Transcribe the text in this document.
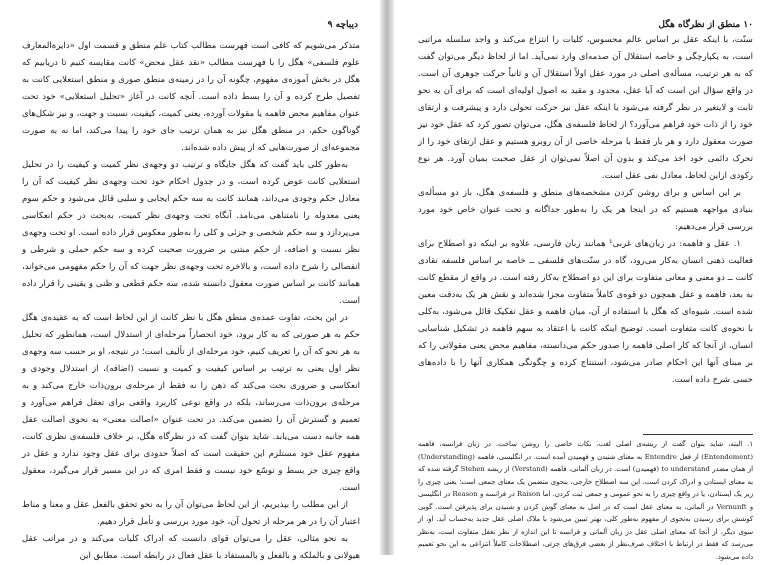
دیباچه ۹

متذکر می‌شویم که کافی است فهرست مطالب کتاب علم منطق و قسمت اول «دایرة‌المعارف علوم فلسفی» هگل را با فهرست مطالب «نقد عقل محض» کانت مقایسه کنیم تا دریابیم که هگل در بخش آموزه‌ی مفهوم، چگونه آن را در زمینه‌ی منطق صوری و منطق استعلایی کانت به تفصیل طرح کرده و آن را بسط داده است. آنچه کانت در آغاز «تحلیل استعلایی» خود تحت عنوان مفاهیم محض فاهمه یا مقولات آورده، یعنی کمیت، کیفیت، نسبت و جهت، و نیز شکل‌های گوناگون حکم، در منطق هگل نیز به همان ترتیب جای خود را پیدا می‌کند، اما نه به صورت مجموعه‌ای از صورت‌هایی که از پیش داده شده‌اند.

به‌طور کلی باید گفت که هگل جایگاه و ترتیب دو وجهه‌ی نظر کمیت و کیفیت را در تحلیل استعلایی کانت عوض کرده است، و در جدول احکام خود تحت وجهه‌ی نظر کیفیت که آن را معادل حکم وجودی می‌داند، همانند کانت به سه حکم ایجابی و سلبی قائل می‌شود و حکم سوم یعنی معدوله را نامتناهی می‌نامد. آنگاه تحت وجهه‌ی نظر کمیت، به‌بحث در حکم انعکاسی می‌پردازد و سه حکم شخصی و جزئی و کلی را به‌طور معکوس قرار داده است. او تحت وجهه‌ی نظر نسبت و اضافه، از حکم مبتنی بر ضرورت صحبت کرده و سه حکم حملی و شرطی و انفصالی را شرح داده است، و بالاخره تحت وجهه‌ی نظر جهت که آن را حکم مفهومی می‌خواند، همانند کانت بر اساس صورت معقول دانسته شده، سه حکم قطعی و ظنی و یقینی را قرار داده است.

در این بحث، تفاوت عمده‌ی منطق هگل با نظر کانت از این لحاظ است که به عقیده‌ی هگل حکم به هر صورتی که به کار برود، خود انحصاراً مرحله‌ای از استدلال است، همانطور که تحلیل به هر نحو که آن را تعریف کنیم، خود مرحله‌ای از تألیف است؛ در نتیجه، او بر حسب سه وجهه‌ی نظر اول یعنی به ترتیب بر اساس کیفیت و کمیت و نسبت (اضافه)، از استدلال وجودی و انعکاسی و ضروری بحث می‌کند که ذهن را نه فقط از مرحله‌ی برون‌ذات خارج می‌کند و به مرحله‌ی برون‌ذات می‌رساند، بلکه در واقع نوعی کاربرد واقعی برای تعقل فراهم می‌آورد و تعمیم و گسترش آن را تضمین می‌کند. در تحت عنوان «اصالت معنی» به نحوی اصالت عقل همه جانبه دست می‌یابد. شاید بتوان گفت که در نظرگاه هگل، بر خلاف فلسفه‌ی نظری کانت، مفهوم عقل خود مستلزم این حقیقت است که اصلاً حدودی برای عقل وجود ندارد و عقل در واقع چیزی جز بسط و توسّع خود نیست و فقط امری که در این مسیر قرار می‌گیرد، معقول است.

از این مطلب را بپذیریم، از این لحاظ می‌توان آن را به نحو تحقق بالفعل عقل و معنا و مناط اعتبار آن را در هر مرحله از تحول آن، خود مورد بررسی و تأمل قرار دهیم.

به نحو مثالی، عقل را می‌توان قوای دانست که ادراک کلیات می‌کند و در مراتب عقل هیولانی و بالملکه و بالفعل و بالمستفاد با عقل فعال در رابطه است. مطابق این

۱۰ منطق از نظرگاه هگل

سنّت، با اینکه عقل بر اساس عالم محسوس، کلیات را انتزاع می‌کند و واجد سلسله مراتبی است، به یکپارچگی و خاصه استقلال آن صدمه‌ای وارد نمی‌آید. اما از لحاظ دیگر می‌توان گفت که به هر ترتیب، مسأله‌ی اصلی در مورد عقل اولاً استقلال آن و ثانیاً حرکت جوهری آن است. در واقع سؤال این است که آیا عقل، محدود و مقید به اصول اولیه‌ای است که برای آن به نحو ثابت و لایتغیر در نظر گرفته می‌شود یا اینکه عقل نیز حرکت تحولی دارد و پیشرفت و ارتقای خود را از ذات خود فراهم می‌آورد؟ از لحاظ فلسفه‌ی هگل، می‌توان تصور کرد که عقل خود نیز صورت معقول دارد و هر بار فقط با مرحله خاصی از آن روبرو هستیم و عقل ارتقای خود را از تحرک دائمی خود اخذ می‌کند و بدون آن اصلاً نمی‌توان از عقل صحبت بمیان آورد. هر نوع رکودی ازاین لحاظ، معادل نفی عقل است.

بر این اساس و برای روشن کردن مشخصه‌های منطق و فلسفه‌ی هگل، باز دو مسأله‌ی بنیادی مواجهه هستیم که در اینجا هر یک را به‌طور جداگانه و تحت عنوان خاص خود مورد بررسی قرار می‌دهیم:

۱. عقل و فاهمه: در زبان‌های غربی¹ همانند زبان فارسی، علاوه بر اینکه دو اصطلاح برای فعالیت ذهنی انسان به‌کار می‌رود، گاه در سنّت‌های فلسفی ــ خاصه بر اساس فلسفه نقادی کانت ــ دو معنی و معانی متفاوت برای این دو اصطلاح به‌کار رفته است. در واقع از مقطع کانت به بعد، فاهمه و عقل همچون دو قوه‌ی کاملاً متفاوت مجزا شده‌اند و نقش هر یک به‌دقت معین شده است. شیوه‌ای که هگل با استفاده از آن، میان فاهمه و عقل تفکیک قائل می‌شود، به‌کلی با نحوه‌ی کانت متفاوت است. توضیح اینکه کانت با اعتقاد به سهم فاهمه در تشکیل شناسایی انسان، از آنجا که کار اصلی فاهمه را صدور حکم می‌دانسته، مفاهیم محض یعنی مقولاتی را که بر مبنای آنها این احکام صادر می‌شود، استنتاج کرده و چگونگی همکاری آنها را با داده‌های حسی شرح داده است.

۱. البته، شاید بتوان گفت از ریشه‌ی اصلی لغت، نکات خاصی را روشن ساخت. در زبان فرانسه، فاهمه (Entendement) از فعل Entendre به معنای شنیدن و فهمیدن آمده است. در انگلیسی، فاهمه (Understanding) از همان مصدر to understand (فهمیدن) است. در زبان آلمانی، فاهمه (Verstand) از ریشه Stehen گرفته شده که به معنای ایستادن و ادراک کردن است. این سه اصطلاح خارجی، بنحوی متضمن یک معنای جمعی است؛ یعنی چیزی را زیر یک ایستادن، یا در واقع چیزی را به نحو عمومی و جمعی ثبت کردن. اما Raison در فرانسه و Reason در انگلیسی و Vernunft در آلمانی، به معنای عقل است که در اصل به معنای گوش کردن و شنیدن برای پذیرفتن است. گویی کوشش برای رسیدن به‌نحوی از مفهوم به‌طور کلی، بهتر تبیین می‌شود با ملاک اصلی عقل جدید به‌حساب آید. او، از سوی دیگر، از آنجا که معنای اصلی عقل در زبان آلمانی و فرانسه تا این اندازه از نظر تعقل متفاوت است، به‌نظر می‌رسد که فقط در ارتباط با اختلاف صرف‌نظر از بعضی فرق‌های جزئی، اصطلاحات کاملاً انتزاعی به این نحو تعمیم داده می‌شود.
